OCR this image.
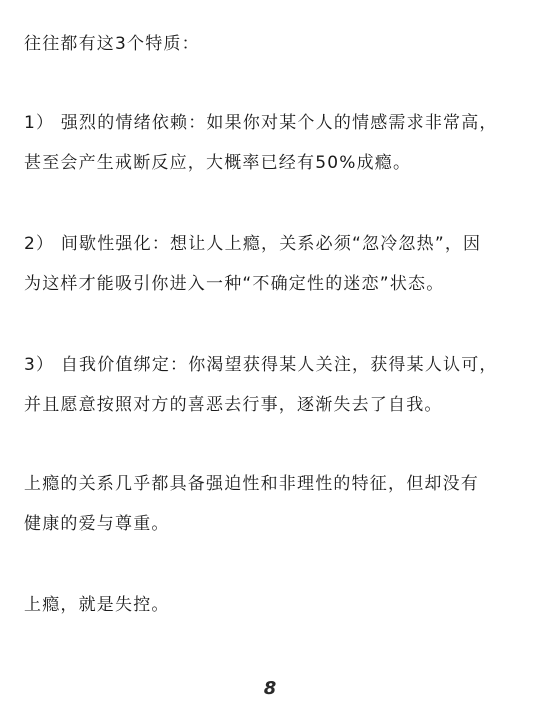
往往都有这3个特质：

1） 强烈的情绪依赖：如果你对某个人的情感需求非常高，
甚至会产生戒断反应，大概率已经有50%成瘾。

2） 间歇性强化：想让人上瘾，关系必须“忽冷忽热”，因
为这样才能吸引你进入一种“不确定性的迷恋”状态。

3） 自我价值绑定：你渴望获得某人关注，获得某人认可，
并且愿意按照对方的喜恶去行事，逐渐失去了自我。

上瘾的关系几乎都具备强迫性和非理性的特征，但却没有
健康的爱与尊重。

上瘾，就是失控。

8
